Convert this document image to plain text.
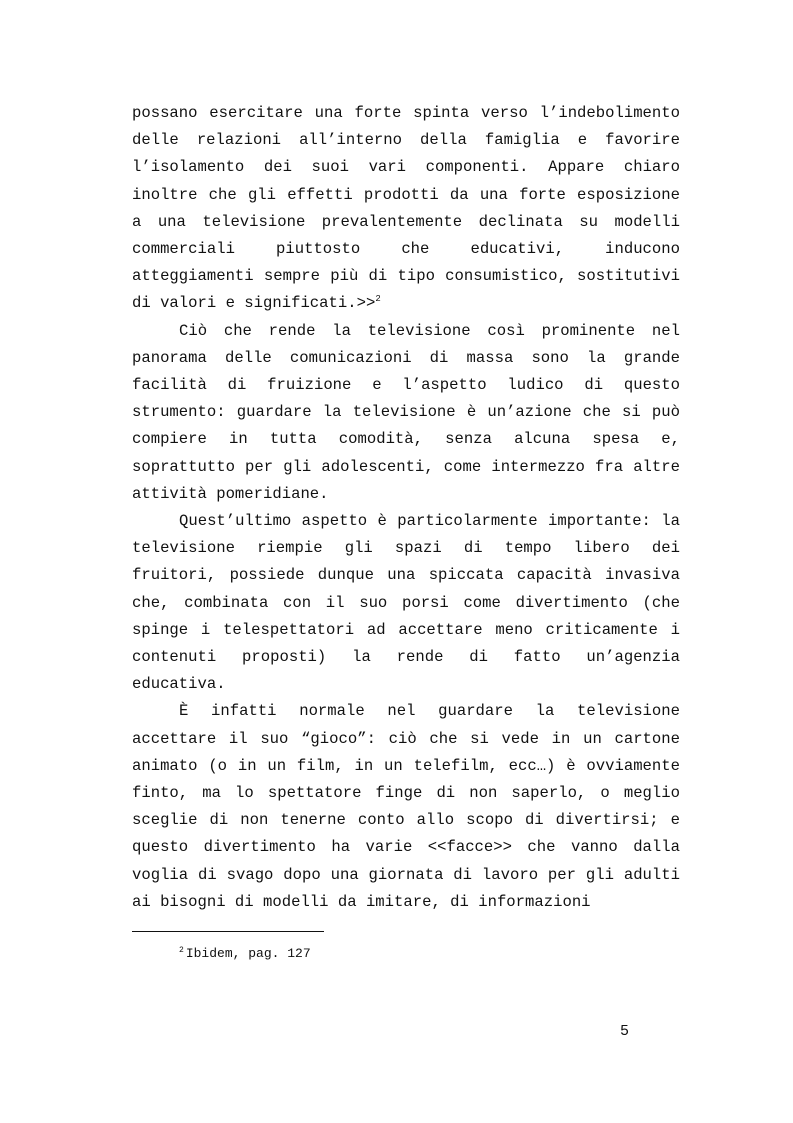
possano esercitare una forte spinta verso l’indebolimento delle relazioni all’interno della famiglia e favorire l’isolamento dei suoi vari componenti. Appare chiaro inoltre che gli effetti prodotti da una forte esposizione a una televisione prevalentemente declinata su modelli commerciali piuttosto che educativi, inducono atteggiamenti sempre più di tipo consumistico, sostitutivi di valori e significati.>>$^2$

Ciò che rende la televisione così prominente nel panorama delle comunicazioni di massa sono la grande facilità di fruizione e l’aspetto ludico di questo strumento: guardare la televisione è un’azione che si può compiere in tutta comodità, senza alcuna spesa e, soprattutto per gli adolescenti, come intermezzo fra altre attività pomeridiane.

Quest’ultimo aspetto è particolarmente importante: la televisione riempie gli spazi di tempo libero dei fruitori, possiede dunque una spiccata capacità invasiva che, combinata con il suo porsi come divertimento (che spinge i telespettatori ad accettare meno criticamente i contenuti proposti) la rende di fatto un’agenzia educativa.

È infatti normale nel guardare la televisione accettare il suo “gioco”: ciò che si vede in un cartone animato (o in un film, in un telefilm, ecc…) è ovviamente finto, ma lo spettatore finge di non saperlo, o meglio sceglie di non tenerne conto allo scopo di divertirsi; e questo divertimento ha varie <<facce>> che vanno dalla voglia di svago dopo una giornata di lavoro per gli adulti ai bisogni di modelli da imitare, di informazioni

$^2$ Ibidem, pag. 127
5
